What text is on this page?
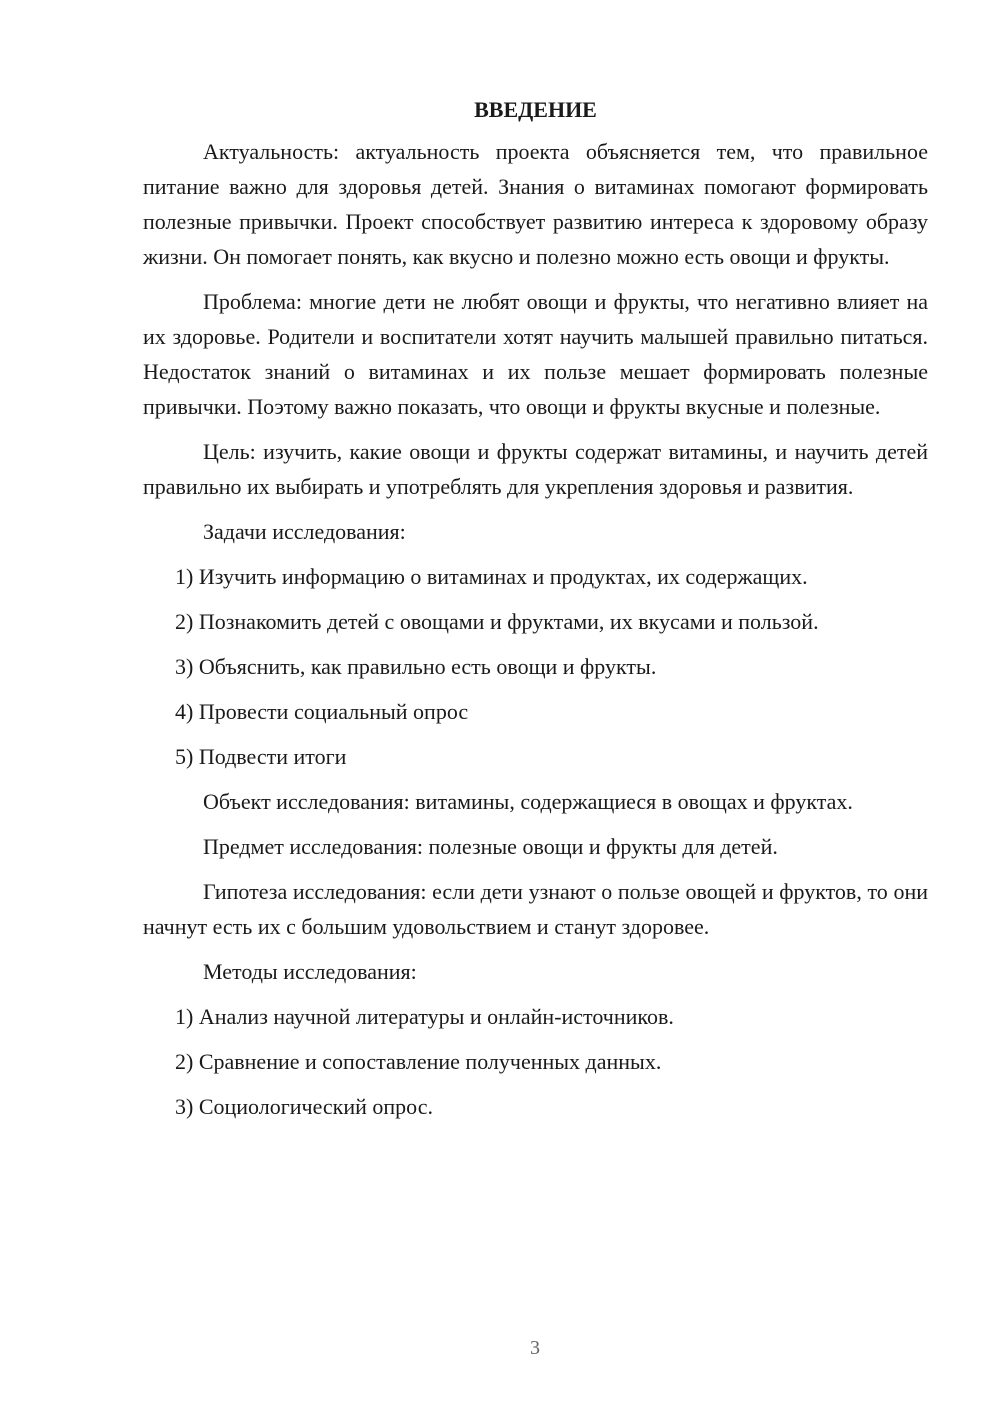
ВВЕДЕНИЕ

Актуальность: актуальность проекта объясняется тем, что правильное питание важно для здоровья детей. Знания о витаминах помогают формировать полезные привычки. Проект способствует развитию интереса к здоровому образу жизни. Он помогает понять, как вкусно и полезно можно есть овощи и фрукты.

Проблема: многие дети не любят овощи и фрукты, что негативно влияет на их здоровье. Родители и воспитатели хотят научить малышей правильно питаться. Недостаток знаний о витаминах и их пользе мешает формировать полезные привычки. Поэтому важно показать, что овощи и фрукты вкусные и полезные.

Цель: изучить, какие овощи и фрукты содержат витамины, и научить детей правильно их выбирать и употреблять для укрепления здоровья и развития.

Задачи исследования:

1) Изучить информацию о витаминах и продуктах, их содержащих.

2) Познакомить детей с овощами и фруктами, их вкусами и пользой.

3) Объяснить, как правильно есть овощи и фрукты.

4) Провести социальный опрос

5) Подвести итоги

Объект исследования: витамины, содержащиеся в овощах и фруктах.

Предмет исследования: полезные овощи и фрукты для детей.

Гипотеза исследования: если дети узнают о пользе овощей и фруктов, то они начнут есть их с большим удовольствием и станут здоровее.

Методы исследования:

1) Анализ научной литературы и онлайн-источников.

2) Сравнение и сопоставление полученных данных.

3) Социологический опрос.

3
